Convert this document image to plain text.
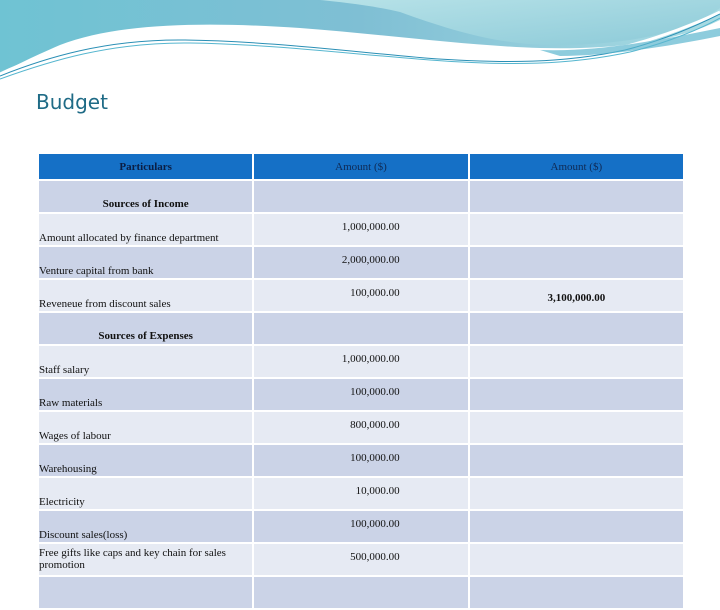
Budget
Particulars	Amount ($)	Amount ($)
Sources of Income		
Amount allocated by finance department	1,000,000.00	
Venture capital from bank	2,000,000.00	
Reveneue from discount sales	100,000.00	3,100,000.00
Sources of Expenses		
Staff salary	1,000,000.00	
Raw materials	100,000.00	
Wages of labour	800,000.00	
Warehousing	100,000.00	
Electricity	10,000.00	
Discount sales(loss)	100,000.00	
Free gifts like caps and key chain for sales promotion	500,000.00	
